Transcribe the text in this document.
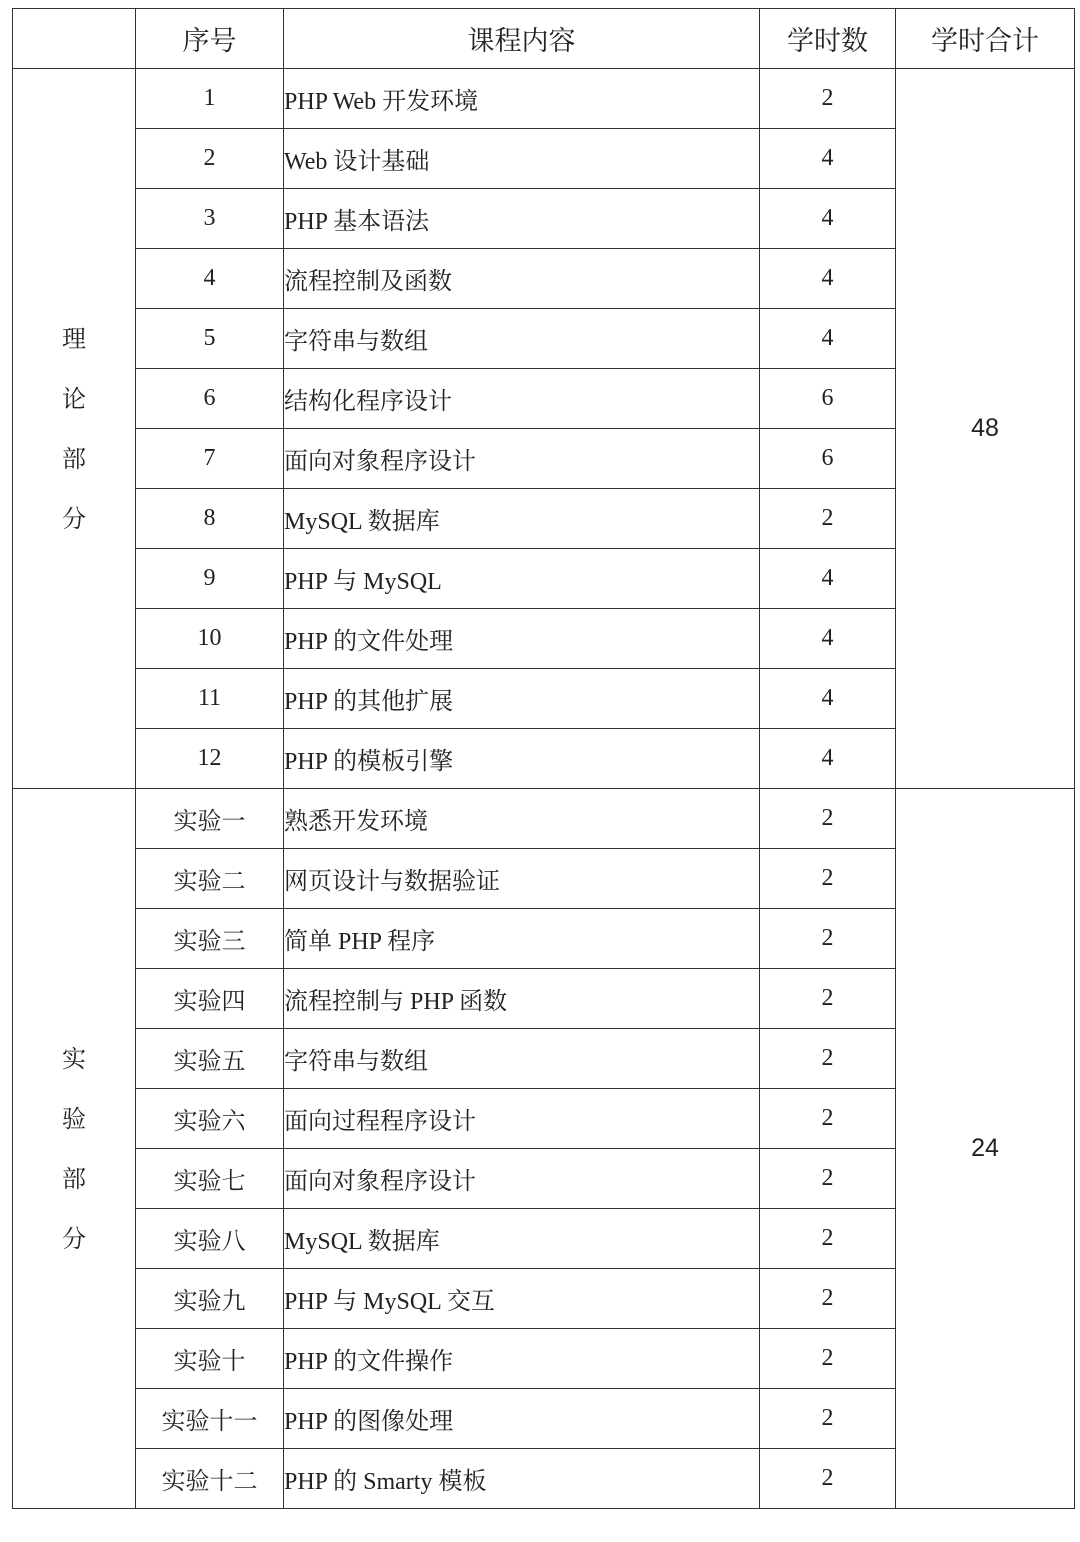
	序号	课程内容	学时数	学时合计
理论部分	1	PHP Web 开发环境	2	48
	2	Web 设计基础	4	
	3	PHP 基本语法	4	
	4	流程控制及函数	4	
	5	字符串与数组	4	
	6	结构化程序设计	6	
	7	面向对象程序设计	6	
	8	MySQL 数据库	2	
	9	PHP 与 MySQL	4	
	10	PHP 的文件处理	4	
	11	PHP 的其他扩展	4	
	12	PHP 的模板引擎	4	
实验部分	实验一	熟悉开发环境	2	24
	实验二	网页设计与数据验证	2	
	实验三	简单 PHP 程序	2	
	实验四	流程控制与 PHP 函数	2	
	实验五	字符串与数组	2	
	实验六	面向过程程序设计	2	
	实验七	面向对象程序设计	2	
	实验八	MySQL 数据库	2	
	实验九	PHP 与 MySQL 交互	2	
	实验十	PHP 的文件操作	2	
	实验十一	PHP 的图像处理	2	
	实验十二	PHP 的 Smarty 模板	2	
